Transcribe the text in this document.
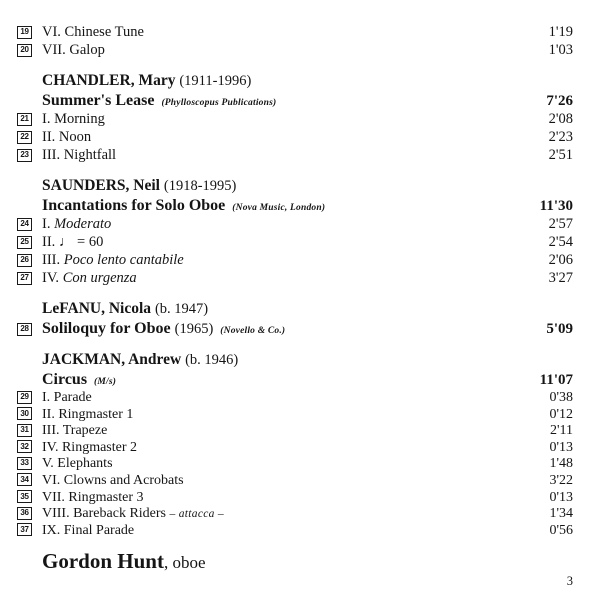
19 VI. Chinese Tune	1'19
20 VII. Galop	1'03
CHANDLER, Mary (1911-1996)
Summer's Lease (Phylloscopus Publications)	7'26
21 I. Morning	2'08
22 II. Noon	2'23
23 III. Nightfall	2'51
SAUNDERS, Neil (1918-1995)
Incantations for Solo Oboe (Nova Music, London)	11'30
24 I. Moderato	2'57
25 II. ♩ = 60	2'54
26 III. Poco lento cantabile	2'06
27 IV. Con urgenza	3'27
LeFANU, Nicola (b. 1947)
28 Soliloquy for Oboe (1965) (Novello & Co.)	5'09
JACKMAN, Andrew (b. 1946)
Circus (M/s)	11'07
29 I. Parade	0'38
30 II. Ringmaster 1	0'12
31 III. Trapeze	2'11
32 IV. Ringmaster 2	0'13
33 V. Elephants	1'48
34 VI. Clowns and Acrobats	3'22
35 VII. Ringmaster 3	0'13
36 VIII. Bareback Riders – attacca –	1'34
37 IX. Final Parade	0'56
Gordon Hunt, oboe
3
